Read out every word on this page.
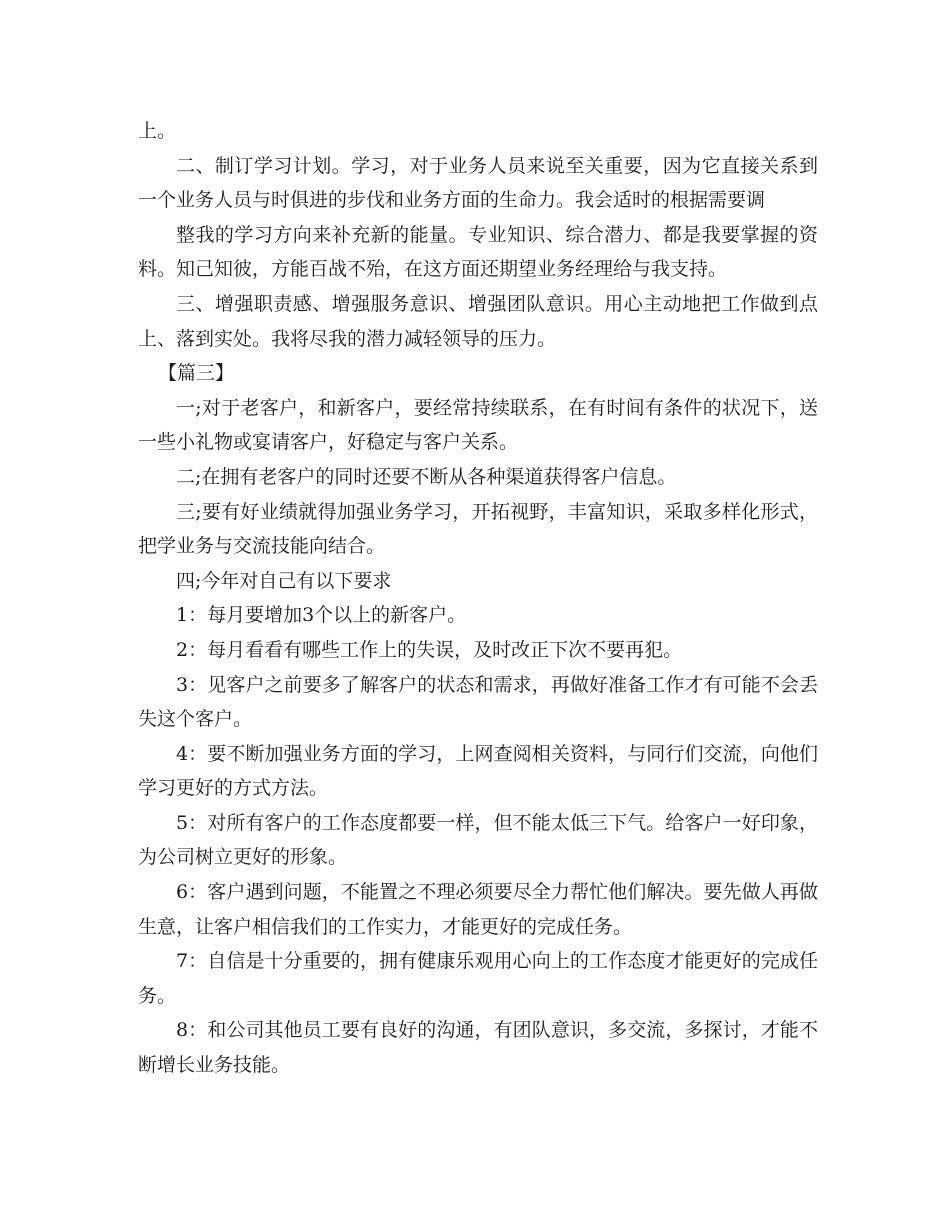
上。

二、制订学习计划。学习，对于业务人员来说至关重要，因为它直接关系到一个业务人员与时俱进的步伐和业务方面的生命力。我会适时的根据需要调

整我的学习方向来补充新的能量。专业知识、综合潜力、都是我要掌握的资料。知己知彼，方能百战不殆，在这方面还期望业务经理给与我支持。

三、增强职责感、增强服务意识、增强团队意识。用心主动地把工作做到点上、落到实处。我将尽我的潜力减轻领导的压力。

【篇三】

一;对于老客户，和新客户，要经常持续联系，在有时间有条件的状况下，送一些小礼物或宴请客户，好稳定与客户关系。

二;在拥有老客户的同时还要不断从各种渠道获得客户信息。

三;要有好业绩就得加强业务学习，开拓视野，丰富知识，采取多样化形式，把学业务与交流技能向结合。

四;今年对自己有以下要求

1：每月要增加3个以上的新客户。

2：每月看看有哪些工作上的失误，及时改正下次不要再犯。

3：见客户之前要多了解客户的状态和需求，再做好准备工作才有可能不会丢失这个客户。

4：要不断加强业务方面的学习，上网查阅相关资料，与同行们交流，向他们学习更好的方式方法。

5：对所有客户的工作态度都要一样，但不能太低三下气。给客户一好印象，为公司树立更好的形象。

6：客户遇到问题，不能置之不理必须要尽全力帮忙他们解决。要先做人再做生意，让客户相信我们的工作实力，才能更好的完成任务。

7：自信是十分重要的，拥有健康乐观用心向上的工作态度才能更好的完成任务。

8：和公司其他员工要有良好的沟通，有团队意识，多交流，多探讨，才能不断增长业务技能。
